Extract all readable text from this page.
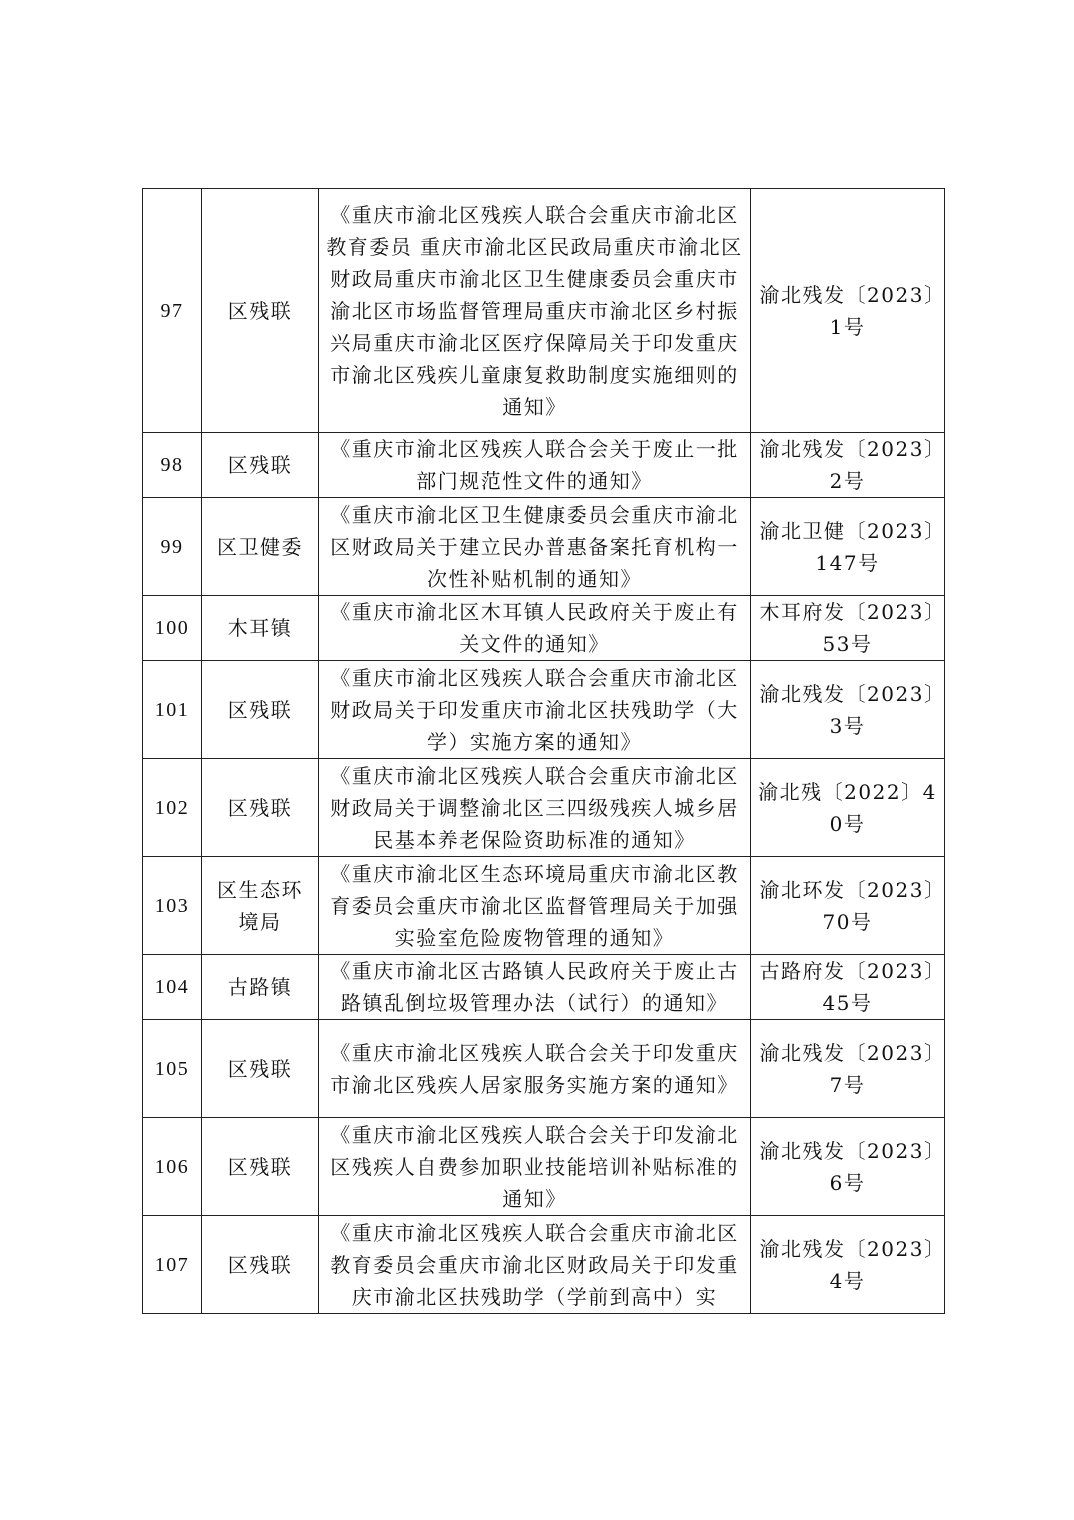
97	区残联	《重庆市渝北区残疾人联合会重庆市渝北区教育委员 重庆市渝北区民政局重庆市渝北区财政局重庆市渝北区卫生健康委员会重庆市渝北区市场监督管理局重庆市渝北区乡村振兴局重庆市渝北区医疗保障局关于印发重庆市渝北区残疾儿童康复救助制度实施细则的通知》	渝北残发〔2023〕1号
98	区残联	《重庆市渝北区残疾人联合会关于废止一批部门规范性文件的通知》	渝北残发〔2023〕2号
99	区卫健委	《重庆市渝北区卫生健康委员会重庆市渝北区财政局关于建立民办普惠备案托育机构一次性补贴机制的通知》	渝北卫健〔2023〕147号
100	木耳镇	《重庆市渝北区木耳镇人民政府关于废止有关文件的通知》	木耳府发〔2023〕53号
101	区残联	《重庆市渝北区残疾人联合会重庆市渝北区财政局关于印发重庆市渝北区扶残助学（大学）实施方案的通知》	渝北残发〔2023〕3号
102	区残联	《重庆市渝北区残疾人联合会重庆市渝北区财政局关于调整渝北区三四级残疾人城乡居民基本养老保险资助标准的通知》	渝北残〔2022〕40号
103	区生态环境局	《重庆市渝北区生态环境局重庆市渝北区教育委员会重庆市渝北区监督管理局关于加强实验室危险废物管理的通知》	渝北环发〔2023〕70号
104	古路镇	《重庆市渝北区古路镇人民政府关于废止古路镇乱倒垃圾管理办法（试行）的通知》	古路府发〔2023〕45号
105	区残联	《重庆市渝北区残疾人联合会关于印发重庆市渝北区残疾人居家服务实施方案的通知》	渝北残发〔2023〕7号
106	区残联	《重庆市渝北区残疾人联合会关于印发渝北区残疾人自费参加职业技能培训补贴标准的通知》	渝北残发〔2023〕6号
107	区残联	《重庆市渝北区残疾人联合会重庆市渝北区教育委员会重庆市渝北区财政局关于印发重庆市渝北区扶残助学（学前到高中）实	渝北残发〔2023〕4号
